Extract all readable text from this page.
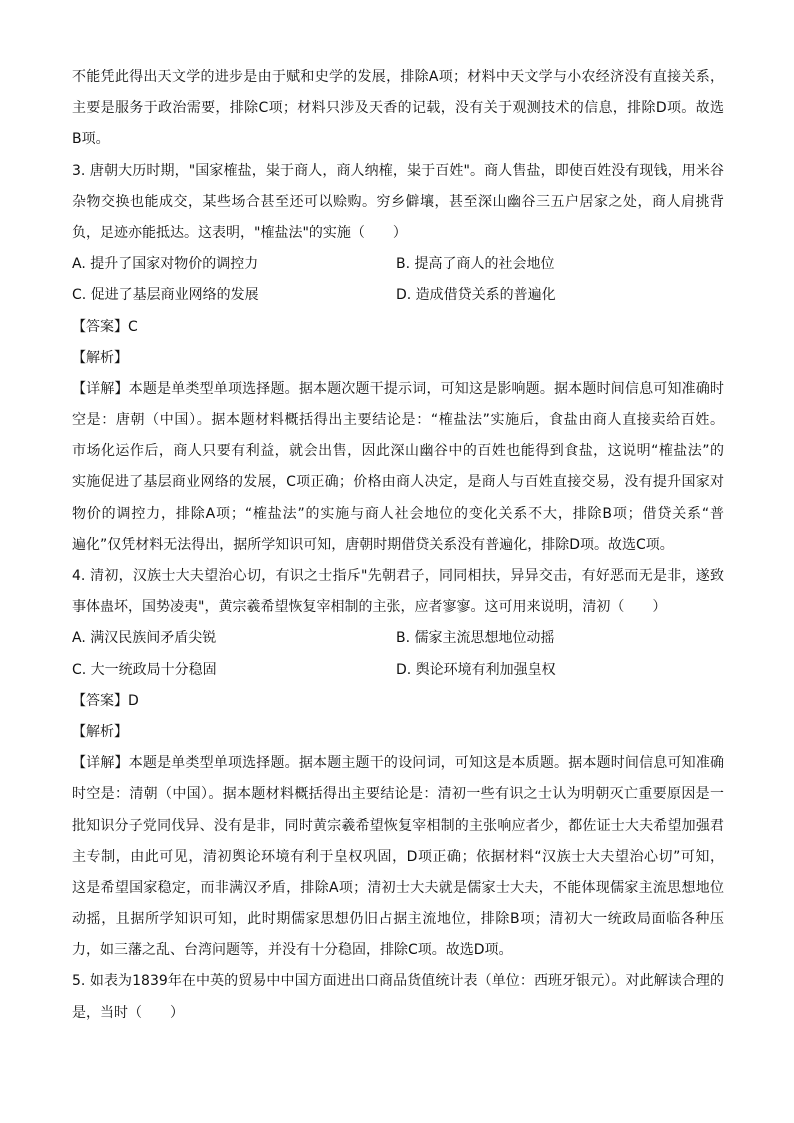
不能凭此得出天文学的进步是由于赋和史学的发展，排除A项；材料中天文学与小农经济没有直接关系，
主要是服务于政治需要，排除C项；材料只涉及天香的记载，没有关于观测技术的信息，排除D项。故选
B项。
3. 唐朝大历时期，"国家榷盐，粜于商人，商人纳榷，粜于百姓"。商人售盐，即使百姓没有现钱，用米谷
杂物交换也能成交，某些场合甚至还可以赊购。穷乡僻壤，甚至深山幽谷三五户居家之处，商人肩挑背
负，足迹亦能抵达。这表明，"榷盐法"的实施（　　）
A. 提升了国家对物价的调控力	B. 提高了商人的社会地位
C. 促进了基层商业网络的发展	D. 造成借贷关系的普遍化
【答案】C
【解析】
【详解】本题是单类型单项选择题。据本题次题干提示词，可知这是影响题。据本题时间信息可知准确时
空是：唐朝（中国）。据本题材料概括得出主要结论是：“榷盐法”实施后，食盐由商人直接卖给百姓。
市场化运作后，商人只要有利益，就会出售，因此深山幽谷中的百姓也能得到食盐，这说明“榷盐法”的
实施促进了基层商业网络的发展，C项正确；价格由商人决定，是商人与百姓直接交易，没有提升国家对
物价的调控力，排除A项；“榷盐法”的实施与商人社会地位的变化关系不大，排除B项；借贷关系“普
遍化”仅凭材料无法得出，据所学知识可知，唐朝时期借贷关系没有普遍化，排除D项。故选C项。
4. 清初，汉族士大夫望治心切，有识之士指斥"先朝君子，同同相扶，异异交击，有好恶而无是非，遂致
事体蛊坏，国势凌夷"，黄宗羲希望恢复宰相制的主张，应者寥寥。这可用来说明，清初（　　）
A. 满汉民族间矛盾尖锐	B. 儒家主流思想地位动摇
C. 大一统政局十分稳固	D. 舆论环境有利加强皇权
【答案】D
【解析】
【详解】本题是单类型单项选择题。据本题主题干的设问词，可知这是本质题。据本题时间信息可知准确
时空是：清朝（中国）。据本题材料概括得出主要结论是：清初一些有识之士认为明朝灭亡重要原因是一
批知识分子党同伐异、没有是非，同时黄宗羲希望恢复宰相制的主张响应者少，都佐证士大夫希望加强君
主专制，由此可见，清初舆论环境有利于皇权巩固，D项正确；依据材料“汉族士大夫望治心切”可知，
这是希望国家稳定，而非满汉矛盾，排除A项；清初士大夫就是儒家士大夫，不能体现儒家主流思想地位
动摇，且据所学知识可知，此时期儒家思想仍旧占据主流地位，排除B项；清初大一统政局面临各种压
力，如三藩之乱、台湾问题等，并没有十分稳固，排除C项。故选D项。
5. 如表为1839年在中英的贸易中中国方面进出口商品货值统计表（单位：西班牙银元）。对此解读合理的
是，当时（　　）
